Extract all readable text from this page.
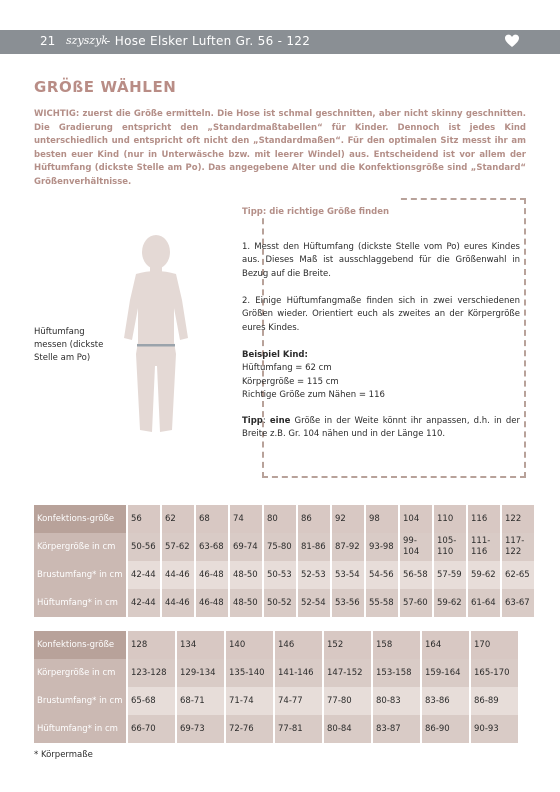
21 szyszyk
- Hose Elsker Luften Gr. 56 - 122
GRÖßE WÄHLEN
WICHTIG: zuerst die Größe ermitteln. Die Hose ist schmal geschnitten, aber nicht skinny geschnitten. Die Gradierung entspricht den „Standardmaßtabellen“ für Kinder. Dennoch ist jedes Kind unterschiedlich und entspricht oft nicht den „Standardmaßen“. Für den optimalen Sitz messt ihr am besten euer Kind (nur in Unterwäsche bzw. mit leerer Windel) aus. Entscheidend ist vor allem der Hüftumfang (dickste Stelle am Po). Das angegebene Alter und die Konfektionsgröße sind „Standard“ Größenverhältnisse.
Hüftumfang messen (dickste Stelle am Po)
Tipp: die richtige Größe finden

1. Messt den Hüftumfang (dickste Stelle vom Po) eures Kindes aus. Dieses Maß ist ausschlaggebend für die Größenwahl in Bezug auf die Breite.

2. Einige Hüftumfangmaße finden sich in zwei verschiedenen Größen wieder. Orientiert euch als zweites an der Körpergröße eures Kindes.

Beispiel Kind:
Hüftumfang = 62 cm
Körpergröße = 115 cm
Richtige Größe zum Nähen = 116

Tipp: eine Größe in der Weite könnt ihr anpassen, d.h. in der Breite z.B. Gr. 104 nähen und in der Länge 110.

Konfektions-größe	56	62	68	74	80	86	92	98	104	110	116	122
Körpergröße in cm	50-56	57-62	63-68	69-74	75-80	81-86	87-92	93-98	99-104	105-110	111-116	117-122
Brustumfang* in cm	42-44	44-46	46-48	48-50	50-53	52-53	53-54	54-56	56-58	57-59	59-62	62-65
Hüftumfang* in cm	42-44	44-46	46-48	48-50	50-52	52-54	53-56	55-58	57-60	59-62	61-64	63-67
Konfektions-größe	128	134	140	146	152	158	164	170
Körpergröße in cm	123-128	129-134	135-140	141-146	147-152	153-158	159-164	165-170
Brustumfang* in cm	65-68	68-71	71-74	74-77	77-80	80-83	83-86	86-89
Hüftumfang* in cm	66-70	69-73	72-76	77-81	80-84	83-87	86-90	90-93
* Körpermaße
